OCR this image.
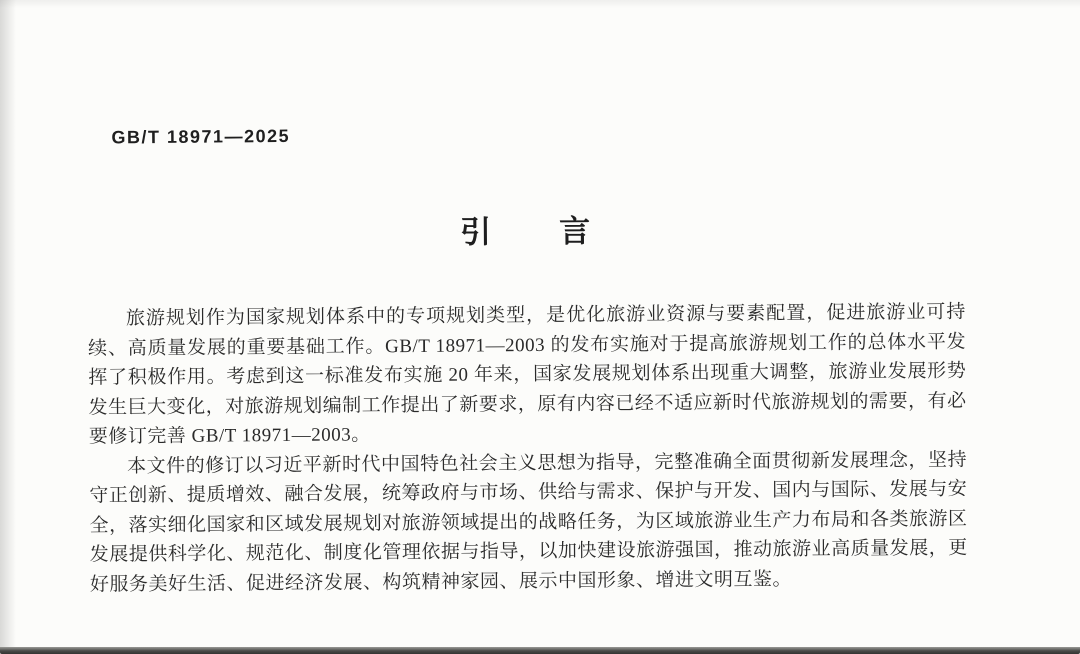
GB/T 18971—2025
引　　言

旅游规划作为国家规划体系中的专项规划类型，是优化旅游业资源与要素配置，促进旅游业可持续、高质量发展的重要基础工作。GB/T 18971—2003 的发布实施对于提高旅游规划工作的总体水平发挥了积极作用。考虑到这一标准发布实施 20 年来，国家发展规划体系出现重大调整，旅游业发展形势发生巨大变化，对旅游规划编制工作提出了新要求，原有内容已经不适应新时代旅游规划的需要，有必要修订完善 GB/T 18971—2003。

本文件的修订以习近平新时代中国特色社会主义思想为指导，完整准确全面贯彻新发展理念，坚持守正创新、提质增效、融合发展，统筹政府与市场、供给与需求、保护与开发、国内与国际、发展与安全，落实细化国家和区域发展规划对旅游领域提出的战略任务，为区域旅游业生产力布局和各类旅游区发展提供科学化、规范化、制度化管理依据与指导，以加快建设旅游强国，推动旅游业高质量发展，更好服务美好生活、促进经济发展、构筑精神家园、展示中国形象、增进文明互鉴。
